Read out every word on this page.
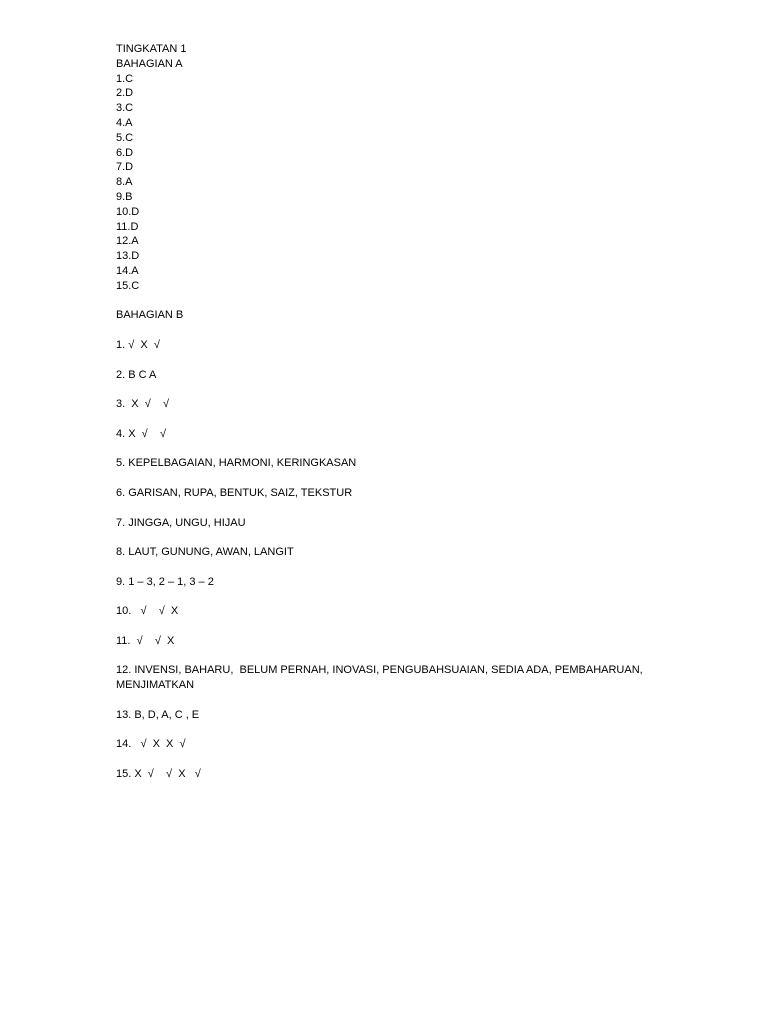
TINGKATAN 1
BAHAGIAN A
1.C
2.D
3.C
4.A
5.C
6.D
7.D
8.A
9.B
10.D
11.D
12.A
13.D
14.A
15.C
BAHAGIAN B
1. √  X  √
2. B C A
3.  X  √    √
4. X  √    √
5. KEPELBAGAIAN, HARMONI, KERINGKASAN
6. GARISAN, RUPA, BENTUK, SAIZ, TEKSTUR
7. JINGGA, UNGU, HIJAU
8. LAUT, GUNUNG, AWAN, LANGIT
9. 1 – 3, 2 – 1, 3 – 2
10.   √    √  X
11.  √    √  X
12. INVENSI, BAHARU,  BELUM PERNAH, INOVASI, PENGUBAHSUAIAN, SEDIA ADA, PEMBAHARUAN, MENJIMATKAN
13. B, D, A, C , E
14.   √  X  X  √
15. X  √    √  X   √
